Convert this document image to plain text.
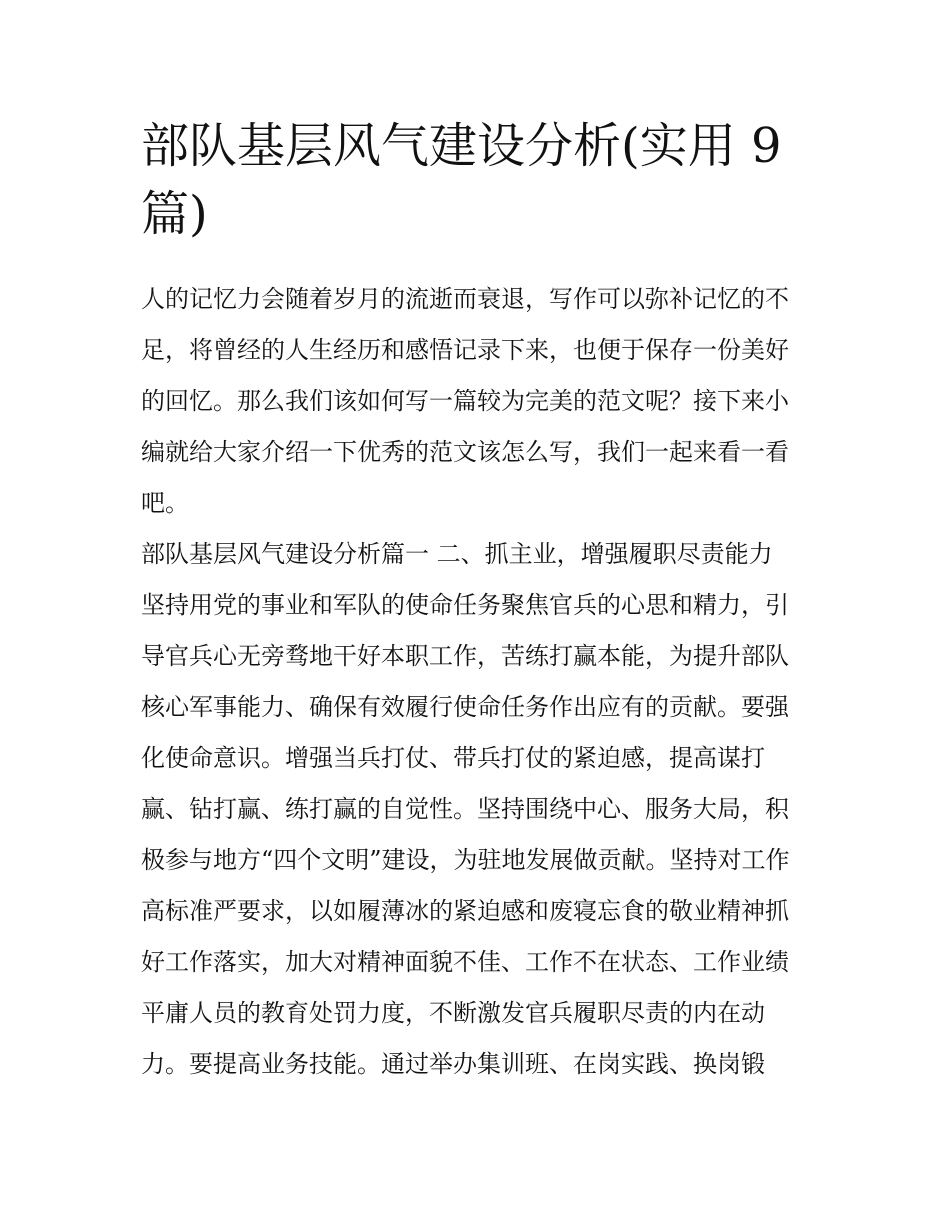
部队基层风气建设分析(实用 9
篇)
人的记忆力会随着岁月的流逝而衰退，写作可以弥补记忆的不
足，将曾经的人生经历和感悟记录下来，也便于保存一份美好
的回忆。那么我们该如何写一篇较为完美的范文呢？接下来小
编就给大家介绍一下优秀的范文该怎么写，我们一起来看一看
吧。
部队基层风气建设分析篇一 二、抓主业，增强履职尽责能力
坚持用党的事业和军队的使命任务聚焦官兵的心思和精力，引
导官兵心无旁骛地干好本职工作，苦练打赢本能，为提升部队
核心军事能力、确保有效履行使命任务作出应有的贡献。要强
化使命意识。增强当兵打仗、带兵打仗的紧迫感，提高谋打
赢、钻打赢、练打赢的自觉性。坚持围绕中心、服务大局，积
极参与地方“四个文明”建设，为驻地发展做贡献。坚持对工作
高标准严要求，以如履薄冰的紧迫感和废寝忘食的敬业精神抓
好工作落实，加大对精神面貌不佳、工作不在状态、工作业绩
平庸人员的教育处罚力度，不断激发官兵履职尽责的内在动
力。要提高业务技能。通过举办集训班、在岗实践、换岗锻
